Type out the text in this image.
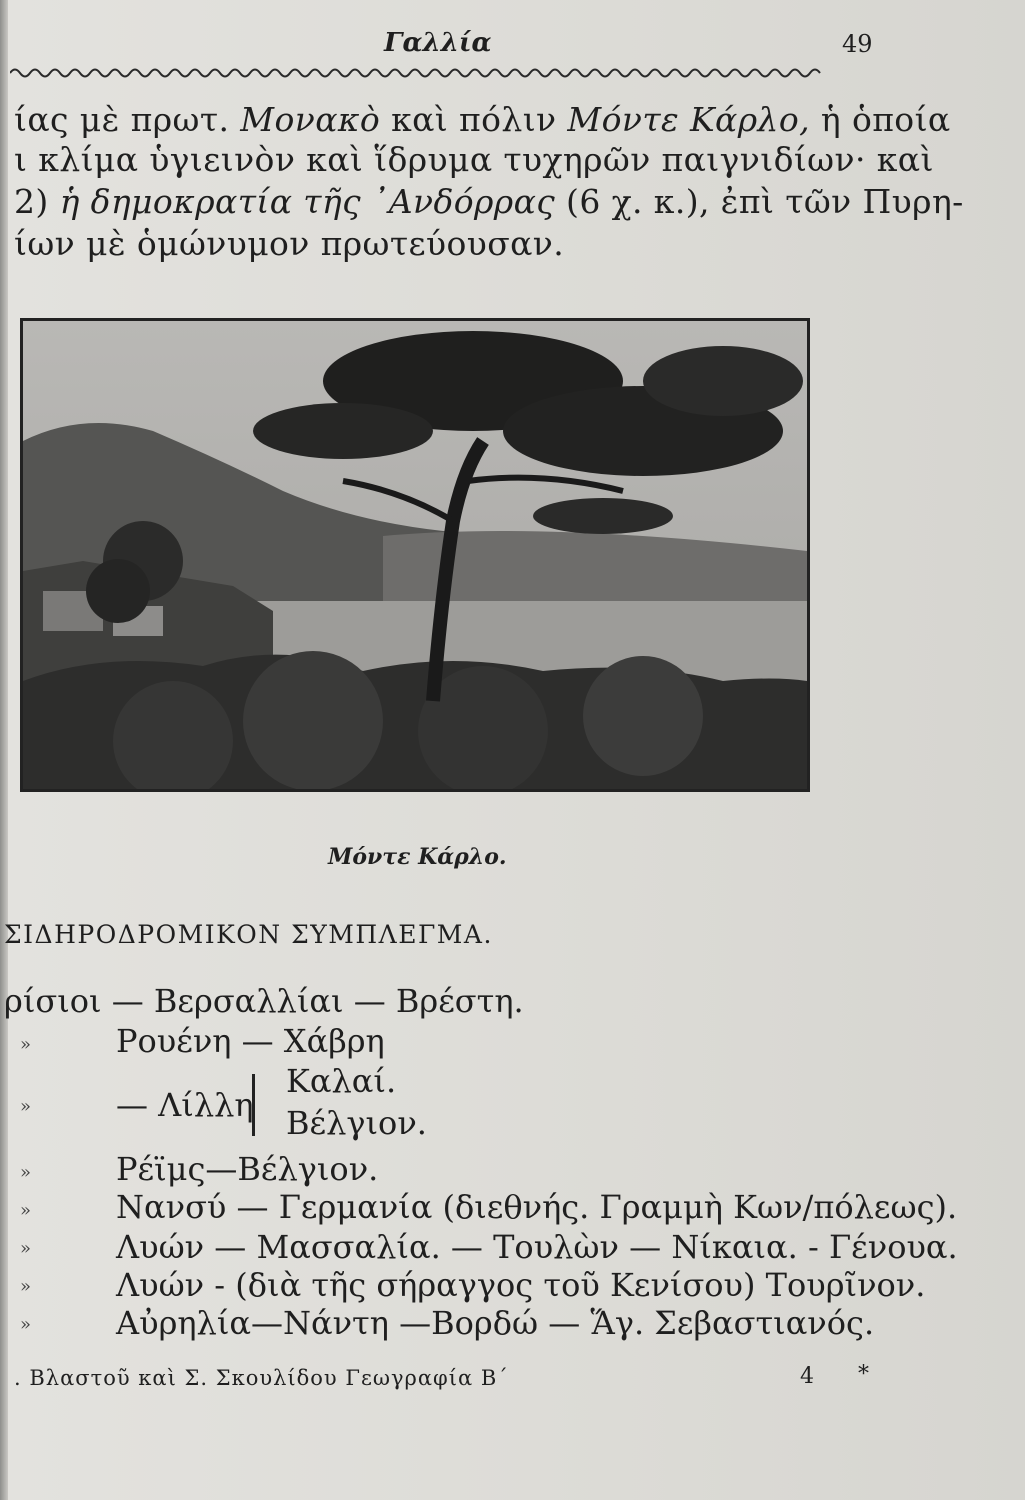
Γαλλία	49
ίας μὲ πρωτ. Μονακὸ καὶ πόλιν Μόντε Κάρλο, ἡ ὁποία
ι κλίμα ὑγιεινὸν καὶ ἵδρυμα τυχηρῶν παιγνιδίων· καὶ
2) ἡ δημοκρατία τῆς ᾽Ανδόρρας (6 χ. κ.), ἐπὶ τῶν Πυρη-
ίων μὲ ὁμώνυμον πρωτεύουσαν.
Μόντε Κάρλο.
ΣΙΔΗΡΟΔΡΟΜΙΚΟΝ ΣΥΜΠΛΕΓΜΑ.
ρίσιοι — Βερσαλλίαι — Βρέστη.
»	Ρουένη — Χάβρη
»	— Λίλλη
Καλαί.
Βέλγιον.
»	Ρέϊμς—Βέλγιον.
»	Νανσύ — Γερμανία (διεθνής. Γραμμὴ Κων/πόλεως).
»	Λυών — Μασσαλία. — Τουλὼν — Νίκαια. - Γένουα.
»	Λυών - (διὰ τῆς σήραγγος τοῦ Κενίσου) Τουρῖνον.
»	Αὐρηλία—Νάντη —Βορδώ — Ἅγ. Σεβαστιανός.
. Βλαστοῦ καὶ Σ. Σκουλίδου Γεωγραφία Β΄	4 *
